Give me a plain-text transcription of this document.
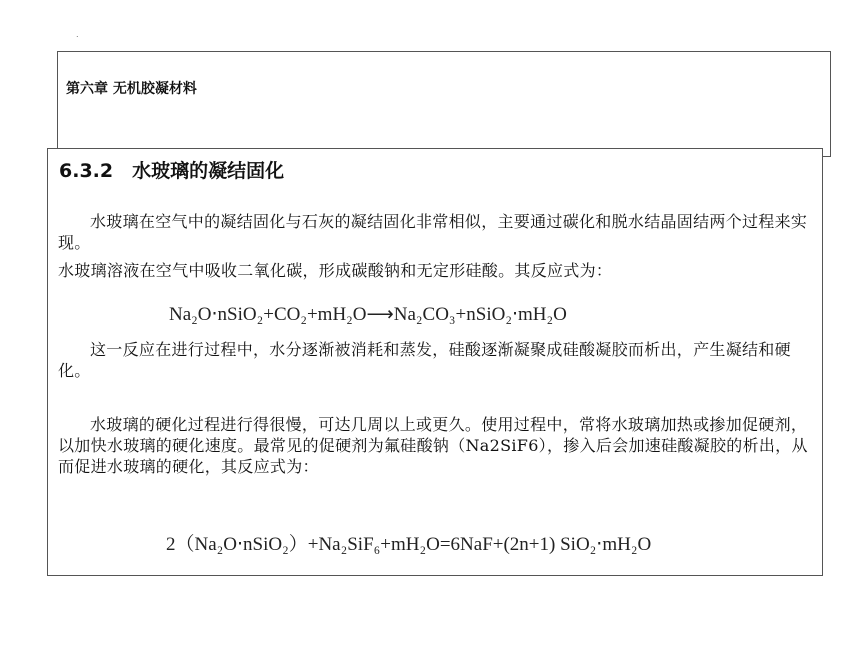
.
第六章 无机胶凝材料
6.3.2　水玻璃的凝结固化
水玻璃在空气中的凝结固化与石灰的凝结固化非常相似，主要通过碳化和脱水结晶固结两个过程来实现。
水玻璃溶液在空气中吸收二氧化碳，形成碳酸钠和无定形硅酸。其反应式为：
Na₂O⋅nSiO₂+CO₂+mH₂O⟶Na₂CO₃+nSiO₂⋅mH₂O
这一反应在进行过程中，水分逐渐被消耗和蒸发，硅酸逐渐凝聚成硅酸凝胶而析出，产生凝结和硬化。
水玻璃的硬化过程进行得很慢，可达几周以上或更久。使用过程中，常将水玻璃加热或掺加促硬剂，以加快水玻璃的硬化速度。最常见的促硬剂为氟硅酸钠（Na2SiF6），掺入后会加速硅酸凝胶的析出，从而促进水玻璃的硬化，其反应式为：
2（Na₂O⋅nSiO₂）+Na₂SiF₆+mH₂O=6NaF+(2n+1) SiO₂⋅mH₂O
